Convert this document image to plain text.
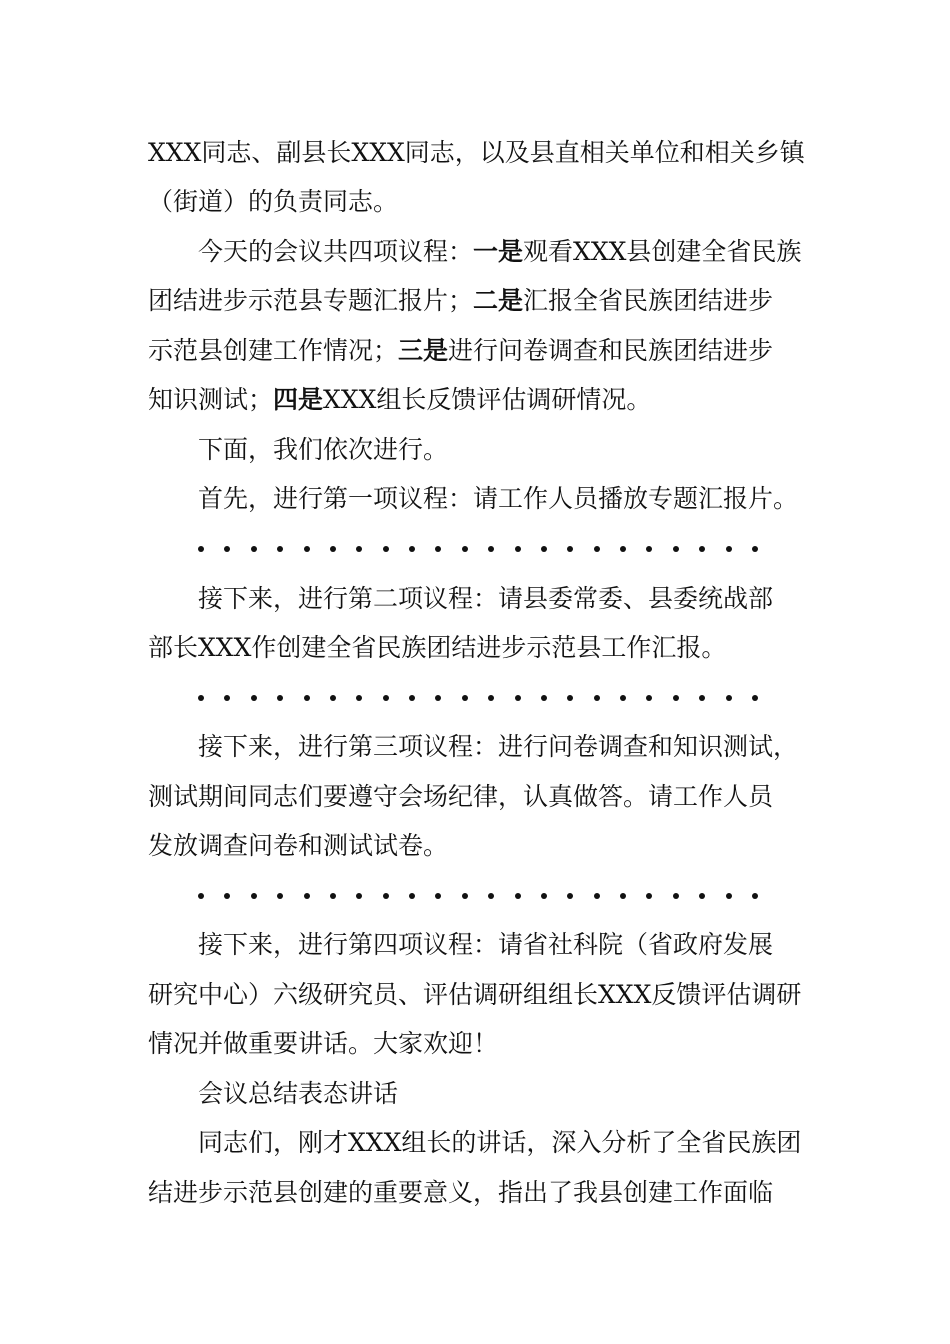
XXX同志、副县长XXX同志，以及县直相关单位和相关乡镇
（街道）的负责同志。
今天的会议共四项议程：一是观看XXX县创建全省民族
团结进步示范县专题汇报片；二是汇报全省民族团结进步
示范县创建工作情况；三是进行问卷调查和民族团结进步
知识测试；四是XXX组长反馈评估调研情况。
下面，我们依次进行。
首先，进行第一项议程：请工作人员播放专题汇报片。
接下来，进行第二项议程：请县委常委、县委统战部
部长XXX作创建全省民族团结进步示范县工作汇报。
接下来，进行第三项议程：进行问卷调查和知识测试，
测试期间同志们要遵守会场纪律，认真做答。请工作人员
发放调查问卷和测试试卷。
接下来，进行第四项议程：请省社科院（省政府发展
研究中心）六级研究员、评估调研组组长XXX反馈评估调研
情况并做重要讲话。大家欢迎！
会议总结表态讲话
同志们，刚才XXX组长的讲话，深入分析了全省民族团
结进步示范县创建的重要意义，指出了我县创建工作面临
